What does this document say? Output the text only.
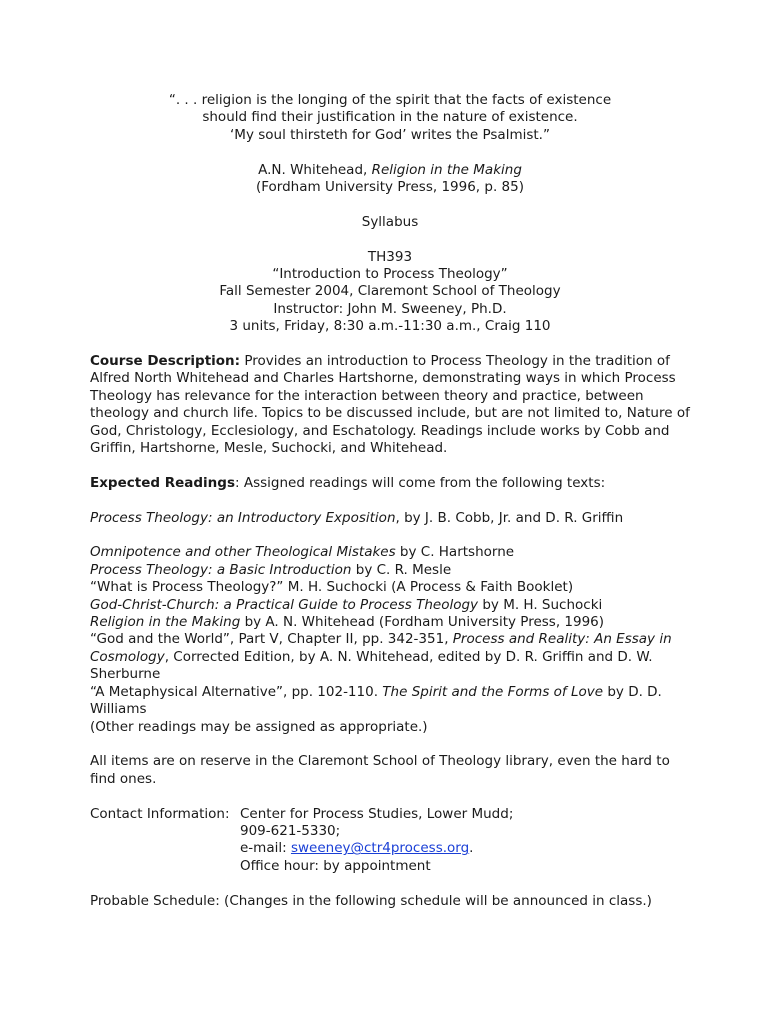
“. . . religion is the longing of the spirit that the facts of existence
should find their justification in the nature of existence.
‘My soul thirsteth for God’ writes the Psalmist.”
A.N. Whitehead, Religion in the Making
(Fordham University Press, 1996, p. 85)
Syllabus
TH393
“Introduction to Process Theology”
Fall Semester 2004, Claremont School of Theology
Instructor: John M. Sweeney, Ph.D.
3 units, Friday, 8:30 a.m.-11:30 a.m., Craig 110
Course Description: Provides an introduction to Process Theology in the tradition of Alfred North Whitehead and Charles Hartshorne, demonstrating ways in which Process Theology has relevance for the interaction between theory and practice, between theology and church life. Topics to be discussed include, but are not limited to, Nature of God, Christology, Ecclesiology, and Eschatology. Readings include works by Cobb and Griffin, Hartshorne, Mesle, Suchocki, and Whitehead.
Expected Readings: Assigned readings will come from the following texts:
Process Theology: an Introductory Exposition, by J. B. Cobb, Jr. and D. R. Griffin
Omnipotence and other Theological Mistakes by C. Hartshorne
Process Theology: a Basic Introduction by C. R. Mesle
“What is Process Theology?” M. H. Suchocki (A Process & Faith Booklet)
God-Christ-Church: a Practical Guide to Process Theology by M. H. Suchocki
Religion in the Making by A. N. Whitehead (Fordham University Press, 1996)
“God and the World”, Part V, Chapter II, pp. 342-351, Process and Reality: An Essay in Cosmology, Corrected Edition, by A. N. Whitehead, edited by D. R. Griffin and D. W. Sherburne
“A Metaphysical Alternative”, pp. 102-110. The Spirit and the Forms of Love by D. D. Williams
(Other readings may be assigned as appropriate.)
All items are on reserve in the Claremont School of Theology library, even the hard to find ones.
Contact Information: Center for Process Studies, Lower Mudd;
909-621-5330;
e-mail: sweeney@ctr4process.org.
Office hour: by appointment
Probable Schedule: (Changes in the following schedule will be announced in class.)
